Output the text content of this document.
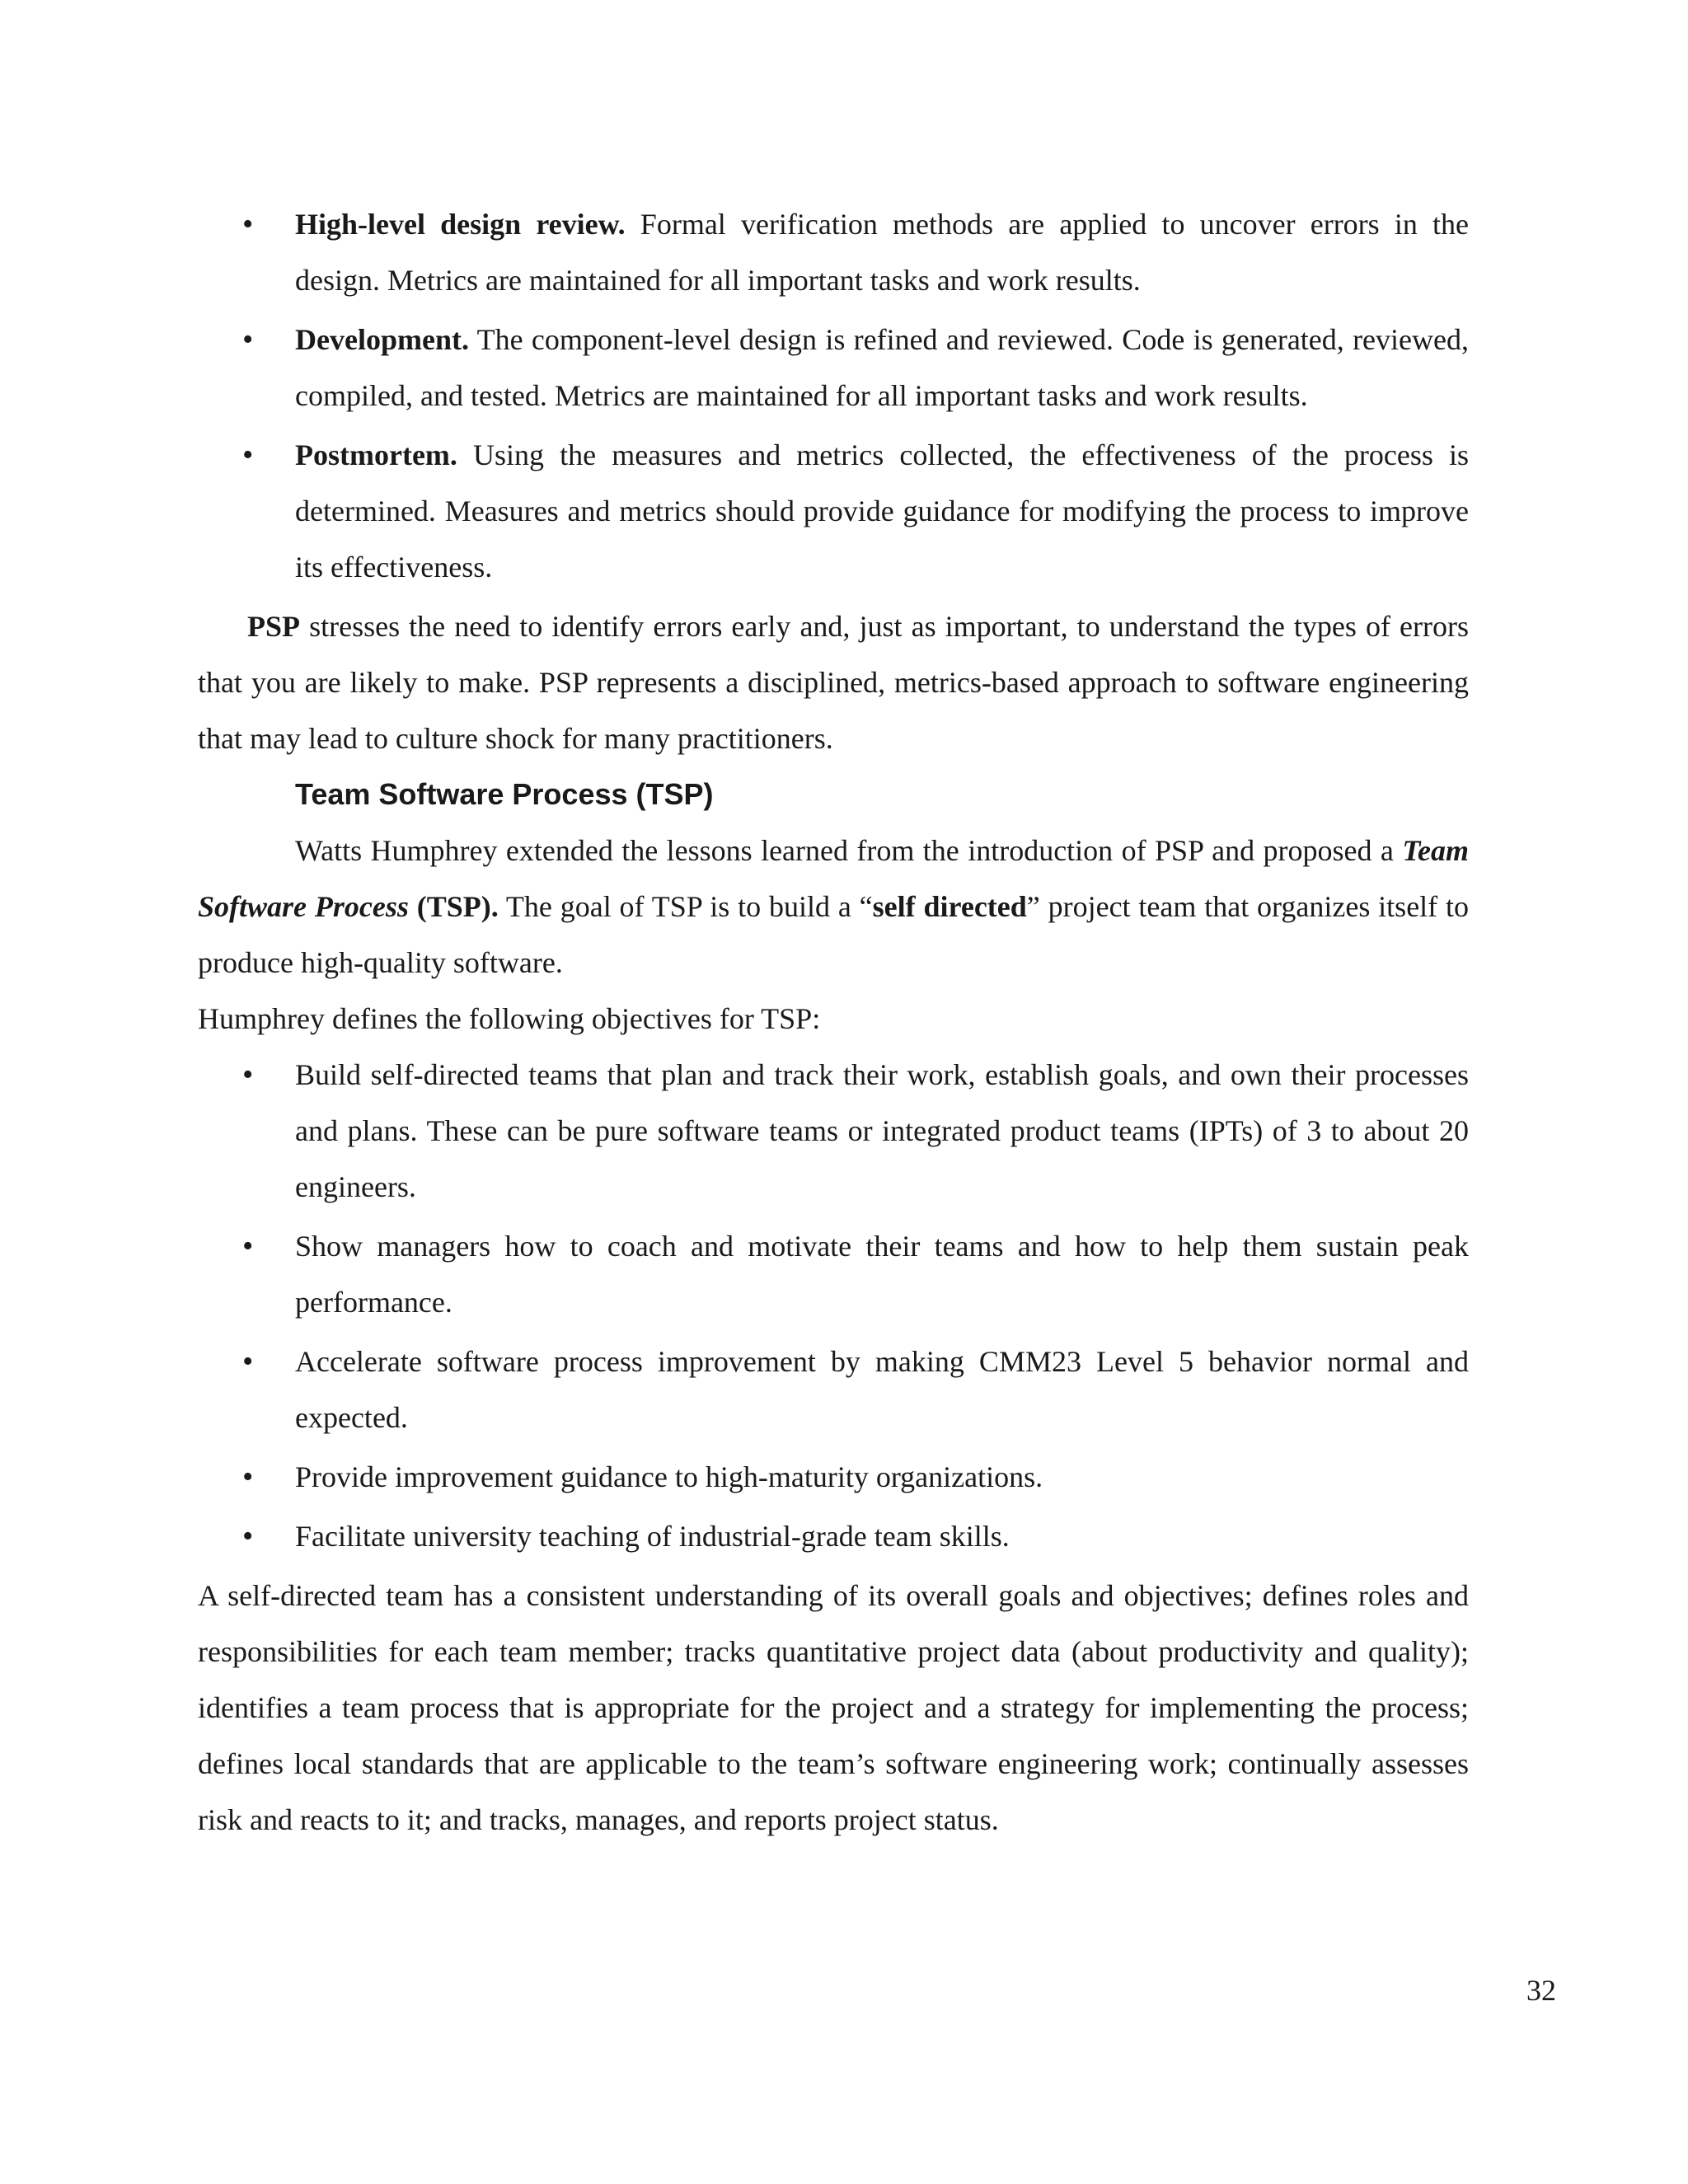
• High-level design review. Formal verification methods are applied to uncover errors in the design. Metrics are maintained for all important tasks and work results.
• Development. The component-level design is refined and reviewed. Code is generated, reviewed, compiled, and tested. Metrics are maintained for all important tasks and work results.
• Postmortem. Using the measures and metrics collected, the effectiveness of the process is determined. Measures and metrics should provide guidance for modifying the process to improve its effectiveness.

PSP stresses the need to identify errors early and, just as important, to understand the types of errors that you are likely to make. PSP represents a disciplined, metrics-based approach to software engineering that may lead to culture shock for many practitioners.

Team Software Process (TSP)

Watts Humphrey extended the lessons learned from the introduction of PSP and proposed a Team Software Process (TSP). The goal of TSP is to build a “self directed” project team that organizes itself to produce high-quality software.

Humphrey defines the following objectives for TSP:

• Build self-directed teams that plan and track their work, establish goals, and own their processes and plans. These can be pure software teams or integrated product teams (IPTs) of 3 to about 20 engineers.
• Show managers how to coach and motivate their teams and how to help them sustain peak performance.
• Accelerate software process improvement by making CMM23 Level 5 behavior normal and expected.
• Provide improvement guidance to high-maturity organizations.
• Facilitate university teaching of industrial-grade team skills.

A self-directed team has a consistent understanding of its overall goals and objectives; defines roles and responsibilities for each team member; tracks quantitative project data (about productivity and quality); identifies a team process that is appropriate for the project and a strategy for implementing the process; defines local standards that are applicable to the team’s software engineering work; continually assesses risk and reacts to it; and tracks, manages, and reports project status.

32
